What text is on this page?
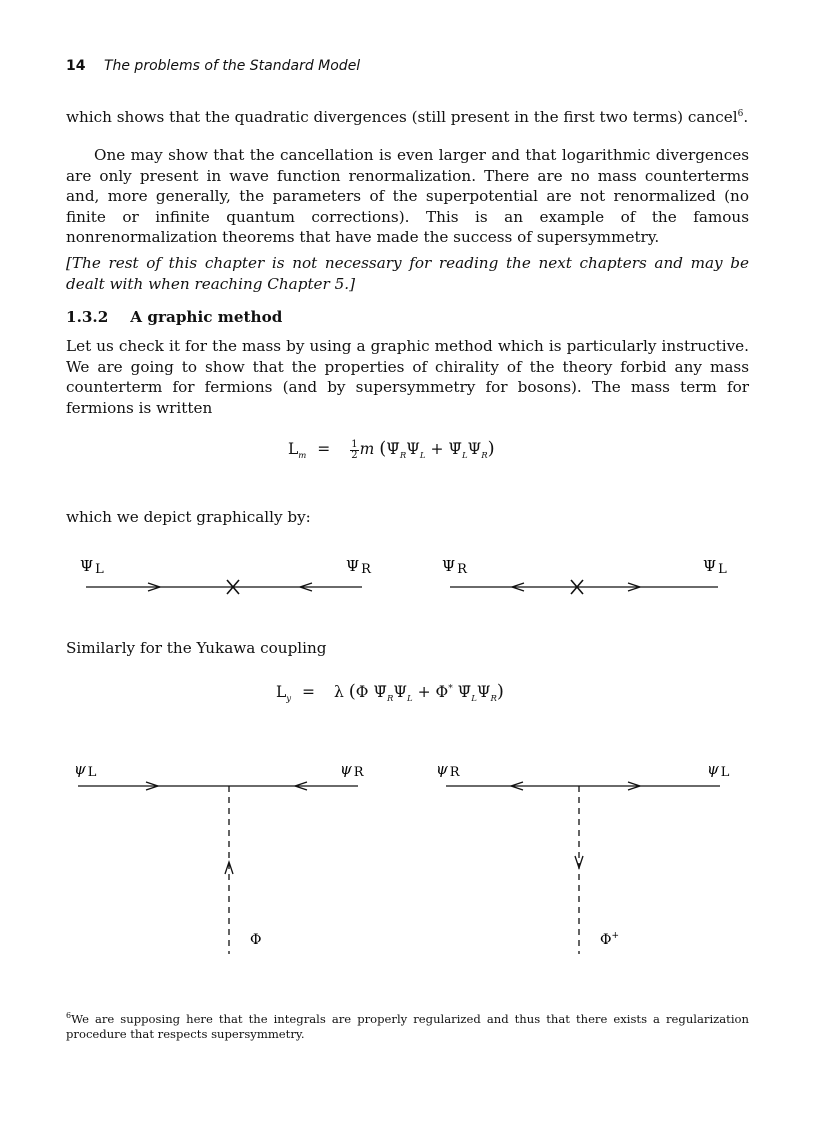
14 The problems of the Standard Model
which shows that the quadratic divergences (still present in the first two terms) cancel$^6$.
One may show that the cancellation is even larger and that logarithmic divergences are only present in wave function renormalization. There are no mass counterterms and, more generally, the parameters of the superpotential are not renormalized (no finite or infinite quantum corrections). This is an example of the famous nonrenormalization theorems that have made the success of supersymmetry.
[The rest of this chapter is not necessary for reading the next chapters and may be dealt with when reaching Chapter 5.]
1.3.2 A graphic method
Let us check it for the mass by using a graphic method which is particularly instructive. We are going to show that the properties of chirality of the theory forbid any mass counterterm for fermions (and by supersymmetry for bosons). The mass term for fermions is written
$L_m = \frac{1}{2}$ m ($\Psī_R\Psi_L$ + $\Psī_L\Psi_R$)
which we depict graphically by:
Ψ L	Ψ R	Ψ R	Ψ L
Similarly for the Yukawa coupling
$L_y = \lambda$ (Φ $\Psī_R\Psi_L + \Phi^*$ $\Psī_L\Psi_R$)
ψ L	ψ R
Φ
ψ R	ψ L
Φ+
$^6$We are supposing here that the integrals are properly regularized and thus that there exists a regularization procedure that respects supersymmetry.
